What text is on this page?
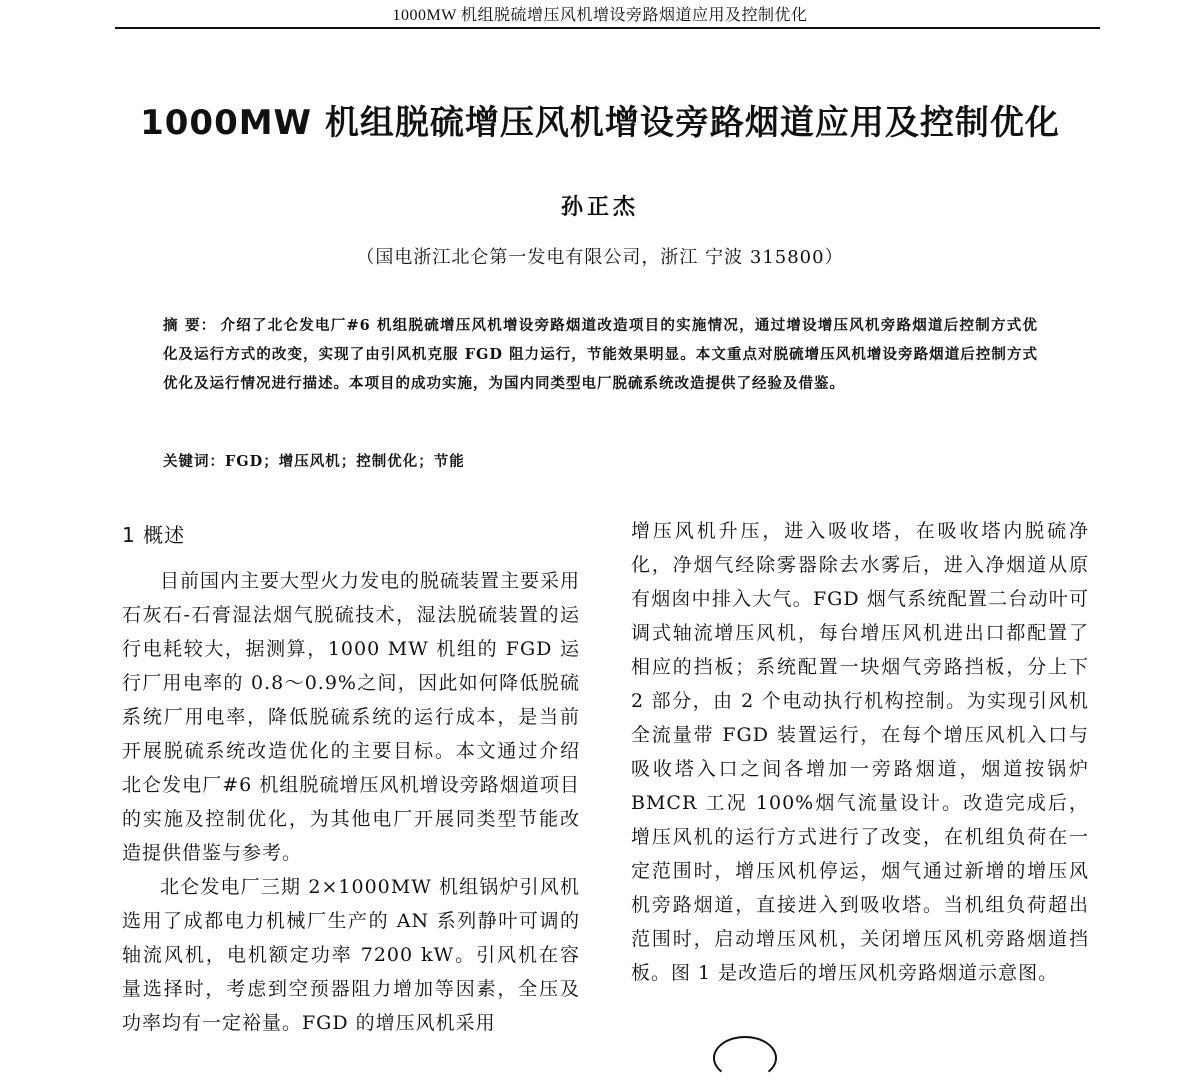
1000MW 机组脱硫增压风机增设旁路烟道应用及控制优化
1000MW 机组脱硫增压风机增设旁路烟道应用及控制优化
孙正杰
（国电浙江北仑第一发电有限公司，浙江 宁波 315800）
摘 要： 介绍了北仑发电厂#6 机组脱硫增压风机增设旁路烟道改造项目的实施情况，通过增设增压风机旁路烟道后控制方式优化及运行方式的改变，实现了由引风机克服 FGD 阻力运行，节能效果明显。本文重点对脱硫增压风机增设旁路烟道后控制方式优化及运行情况进行描述。本项目的成功实施，为国内同类型电厂脱硫系统改造提供了经验及借鉴。
关键词：FGD；增压风机；控制优化；节能
1 概述

目前国内主要大型火力发电的脱硫装置主要采用石灰石-石膏湿法烟气脱硫技术，湿法脱硫装置的运行电耗较大，据测算，1000 MW 机组的 FGD 运行厂用电率的 0.8～0.9%之间，因此如何降低脱硫系统厂用电率，降低脱硫系统的运行成本，是当前开展脱硫系统改造优化的主要目标。本文通过介绍北仑发电厂#6 机组脱硫增压风机增设旁路烟道项目的实施及控制优化，为其他电厂开展同类型节能改造提供借鉴与参考。

北仑发电厂三期 2×1000MW 机组锅炉引风机选用了成都电力机械厂生产的 AN 系列静叶可调的轴流风机，电机额定功率 7200 kW。引风机在容量选择时，考虑到空预器阻力增加等因素，全压及功率均有一定裕量。FGD 的增压风机采用

增压风机升压，进入吸收塔，在吸收塔内脱硫净化，净烟气经除雾器除去水雾后，进入净烟道从原有烟囱中排入大气。FGD 烟气系统配置二台动叶可调式轴流增压风机，每台增压风机进出口都配置了相应的挡板；系统配置一块烟气旁路挡板，分上下 2 部分，由 2 个电动执行机构控制。为实现引风机全流量带 FGD 装置运行，在每个增压风机入口与吸收塔入口之间各增加一旁路烟道，烟道按锅炉 BMCR 工况 100%烟气流量设计。改造完成后，增压风机的运行方式进行了改变，在机组负荷在一定范围时，增压风机停运，烟气通过新增的增压风机旁路烟道，直接进入到吸收塔。当机组负荷超出范围时，启动增压风机，关闭增压风机旁路烟道挡板。图 1 是改造后的增压风机旁路烟道示意图。
